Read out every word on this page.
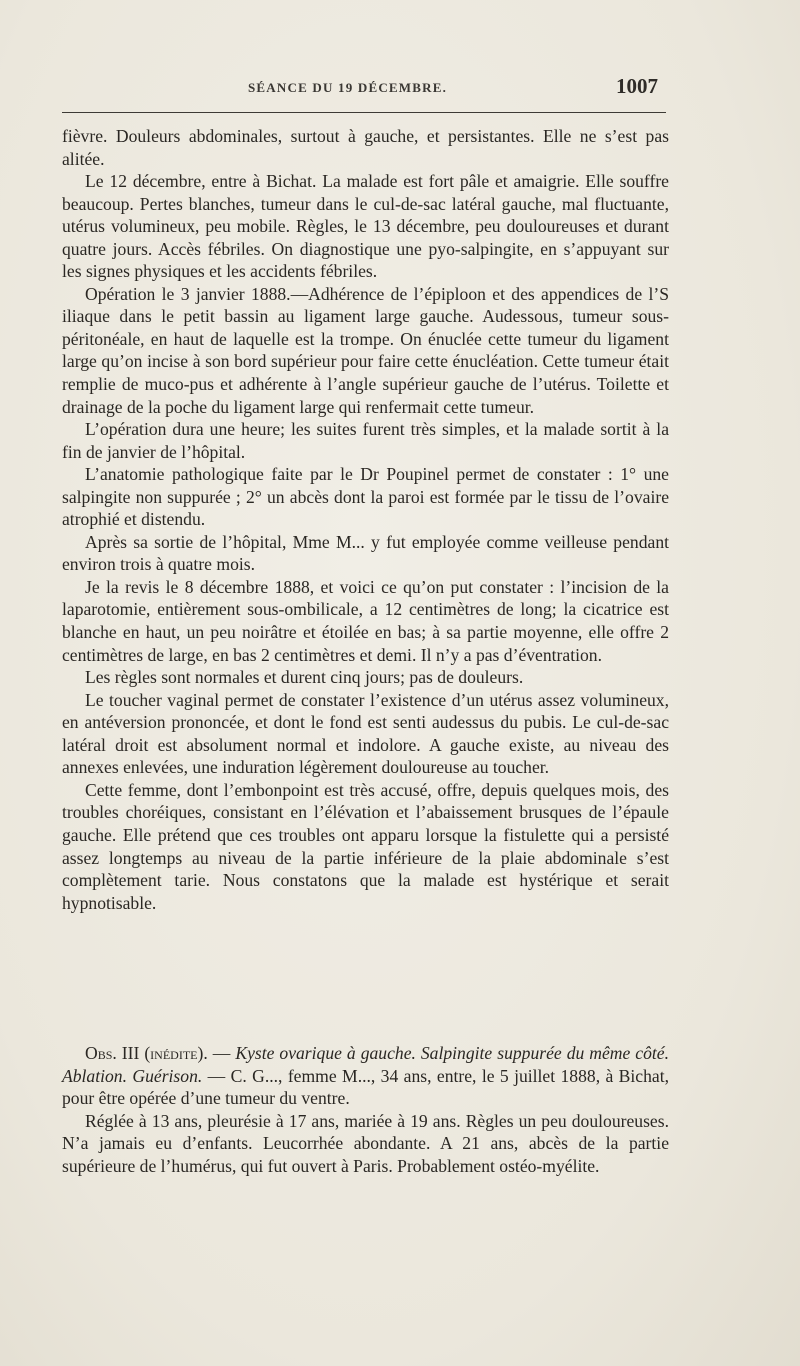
SÉANCE DU 19 DÉCEMBRE.	1007

fièvre. Douleurs abdominales, surtout à gauche, et persistantes. Elle ne s’est pas alitée.

Le 12 décembre, entre à Bichat. La malade est fort pâle et amaigrie. Elle souffre beaucoup. Pertes blanches, tumeur dans le cul-de-sac latéral gauche, mal fluctuante, utérus volumineux, peu mobile. Règles, le 13 décembre, peu douloureuses et durant quatre jours. Accès fébriles. On diagnostique une pyo-salpingite, en s’appuyant sur les signes physiques et les accidents fébriles.

Opération le 3 janvier 1888.—Adhérence de l’épiploon et des appendices de l’S iliaque dans le petit bassin au ligament large gauche. Audessous, tumeur sous-péritonéale, en haut de laquelle est la trompe. On énuclée cette tumeur du ligament large qu’on incise à son bord supérieur pour faire cette énucléation. Cette tumeur était remplie de muco-pus et adhérente à l’angle supérieur gauche de l’utérus. Toilette et drainage de la poche du ligament large qui renfermait cette tumeur.

L’opération dura une heure; les suites furent très simples, et la malade sortit à la fin de janvier de l’hôpital.

L’anatomie pathologique faite par le Dr Poupinel permet de constater : 1° une salpingite non suppurée ; 2° un abcès dont la paroi est formée par le tissu de l’ovaire atrophié et distendu.

Après sa sortie de l’hôpital, Mme M... y fut employée comme veilleuse pendant environ trois à quatre mois.

Je la revis le 8 décembre 1888, et voici ce qu’on put constater : l’incision de la laparotomie, entièrement sous-ombilicale, a 12 centimètres de long; la cicatrice est blanche en haut, un peu noirâtre et étoilée en bas; à sa partie moyenne, elle offre 2 centimètres de large, en bas 2 centimètres et demi. Il n’y a pas d’éventration.

Les règles sont normales et durent cinq jours; pas de douleurs.

Le toucher vaginal permet de constater l’existence d’un utérus assez volumineux, en antéversion prononcée, et dont le fond est senti audessus du pubis. Le cul-de-sac latéral droit est absolument normal et indolore. A gauche existe, au niveau des annexes enlevées, une induration légèrement douloureuse au toucher.

Cette femme, dont l’embonpoint est très accusé, offre, depuis quelques mois, des troubles choréiques, consistant en l’élévation et l’abaissement brusques de l’épaule gauche. Elle prétend que ces troubles ont apparu lorsque la fistulette qui a persisté assez longtemps au niveau de la partie inférieure de la plaie abdominale s’est complètement tarie. Nous constatons que la malade est hystérique et serait hypnotisable.

Obs. III (inédite). — Kyste ovarique à gauche. Salpingite suppurée du même côté. Ablation. Guérison. — C. G..., femme M..., 34 ans, entre, le 5 juillet 1888, à Bichat, pour être opérée d’une tumeur du ventre.

Réglée à 13 ans, pleurésie à 17 ans, mariée à 19 ans. Règles un peu douloureuses. N’a jamais eu d’enfants. Leucorrhée abondante. A 21 ans, abcès de la partie supérieure de l’humérus, qui fut ouvert à Paris. Probablement ostéo-myélite.
